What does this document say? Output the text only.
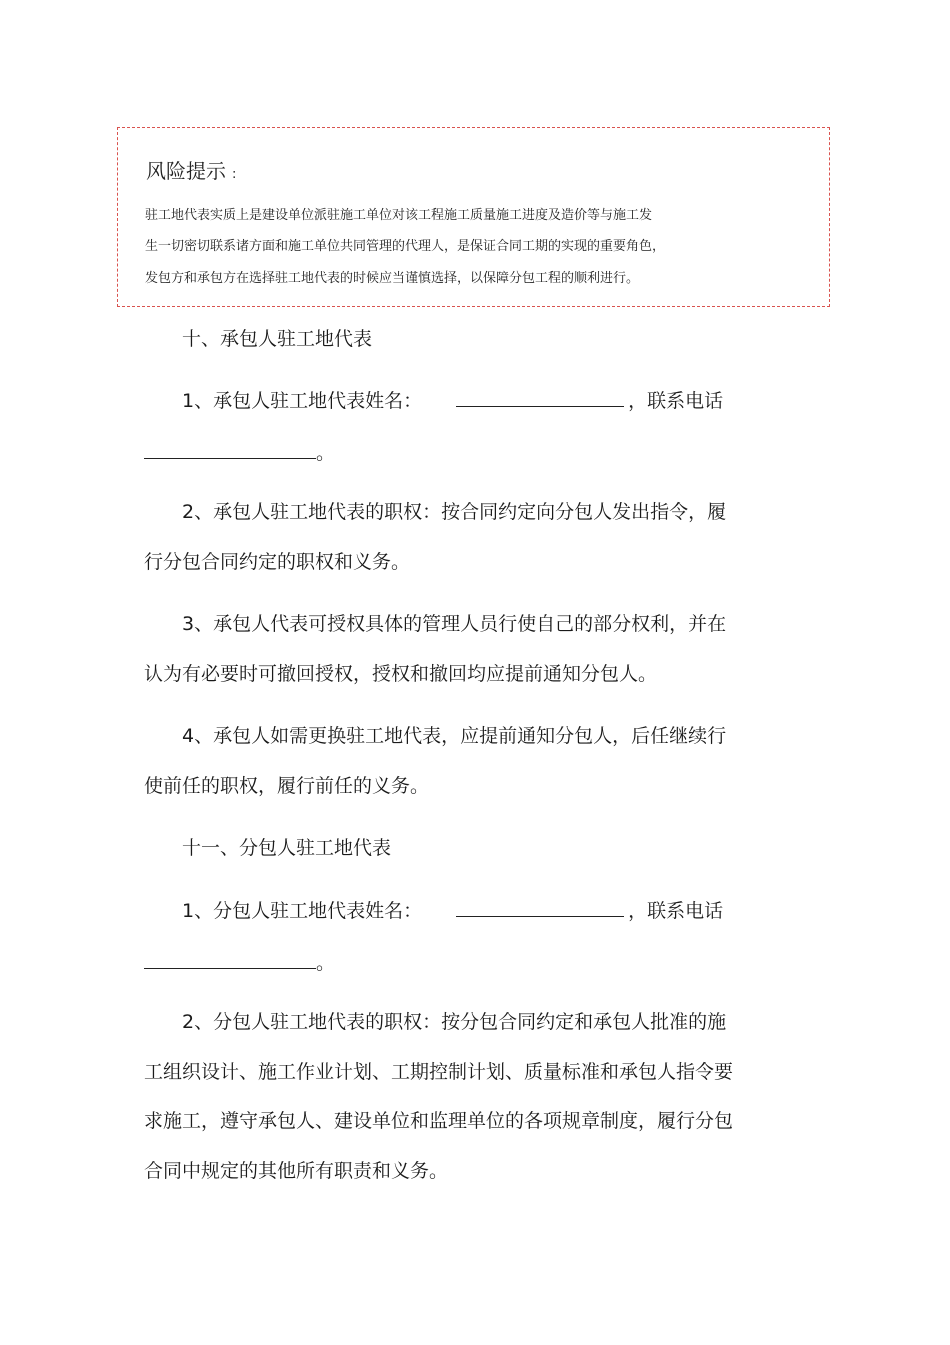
风险提示 :
驻工地代表实质上是建设单位派驻施工单位对该工程施工质量施工进度及造价等与施工发
生一切密切联系诸方面和施工单位共同管理的代理人，是保证合同工期的实现的重要角色，
发包方和承包方在选择驻工地代表的时候应当谨慎选择，以保障分包工程的顺利进行。
十、承包人驻工地代表
1、承包人驻工地代表姓名：	，联系电话
。
2、承包人驻工地代表的职权：按合同约定向分包人发出指令，履
行分包合同约定的职权和义务。
3、承包人代表可授权具体的管理人员行使自己的部分权利，并在
认为有必要时可撤回授权，授权和撤回均应提前通知分包人。
4、承包人如需更换驻工地代表，应提前通知分包人，后任继续行
使前任的职权，履行前任的义务。
十一、分包人驻工地代表
1、分包人驻工地代表姓名：	，联系电话
。
2、分包人驻工地代表的职权：按分包合同约定和承包人批准的施
工组织设计、施工作业计划、工期控制计划、质量标准和承包人指令要
求施工，遵守承包人、建设单位和监理单位的各项规章制度，履行分包
合同中规定的其他所有职责和义务。
